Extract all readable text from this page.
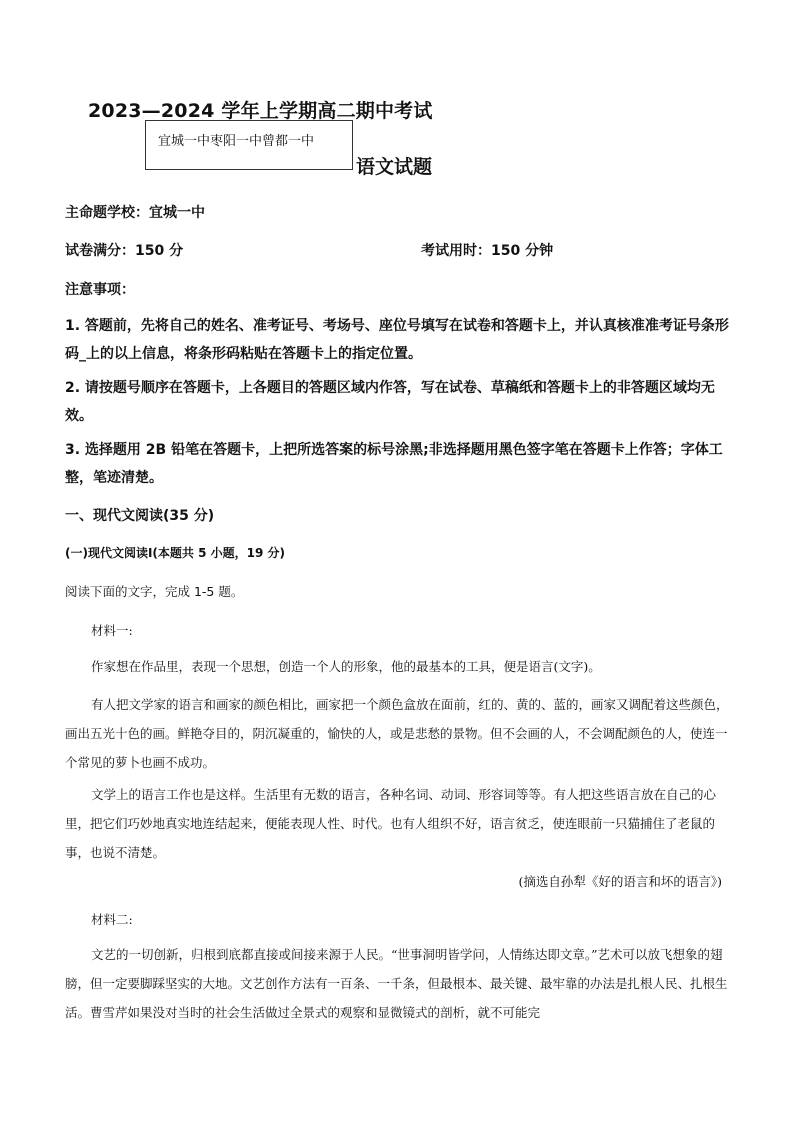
2023—2024 学年上学期高二期中考试
宜城一中枣阳一中曾都一中
语文试题
主命题学校：宜城一中
试卷满分：150 分	考试用时：150 分钟
注意事项：
1. 答题前，先将自己的姓名、准考证号、考场号、座位号填写在试卷和答题卡上，并认真核准准考证号条形码_上的以上信息，将条形码粘贴在答题卡上的指定位置。
2. 请按题号顺序在答题卡，上各题目的答题区域内作答，写在试卷、草稿纸和答题卡上的非答题区域均无效。
3. 选择题用 2B 铅笔在答题卡，上把所选答案的标号涂黑;非选择题用黑色签字笔在答题卡上作答；字体工整，笔迹清楚。
一、现代文阅读(35 分)
(一)现代文阅读Ⅰ(本题共 5 小题，19 分)
阅读下面的文字，完成 1-5 题。
材料一:
作家想在作品里，表现一个思想，创造一个人的形象，他的最基本的工具，便是语言(文字)。
有人把文学家的语言和画家的颜色相比，画家把一个颜色盒放在面前，红的、黄的、蓝的，画家又调配着这些颜色，画出五光十色的画。鲜艳夺目的，阴沉凝重的，愉快的人，或是悲愁的景物。但不会画的人，不会调配颜色的人，使连一个常见的萝卜也画不成功。
文学上的语言工作也是这样。生活里有无数的语言，各种名词、动词、形容词等等。有人把这些语言放在自己的心里，把它们巧妙地真实地连结起来，便能表现人性、时代。也有人组织不好，语言贫乏，使连眼前一只猫捕住了老鼠的事，也说不清楚。
(摘选自孙犁《好的语言和坏的语言》)
材料二:
文艺的一切创新，归根到底都直接或间接来源于人民。“世事洞明皆学问，人情练达即文章。”艺术可以放飞想象的翅膀，但一定要脚踩坚实的大地。文艺创作方法有一百条、一千条，但最根本、最关键、最牢靠的办法是扎根人民、扎根生活。曹雪芹如果没对当时的社会生活做过全景式的观察和显微镜式的剖析，就不可能完
